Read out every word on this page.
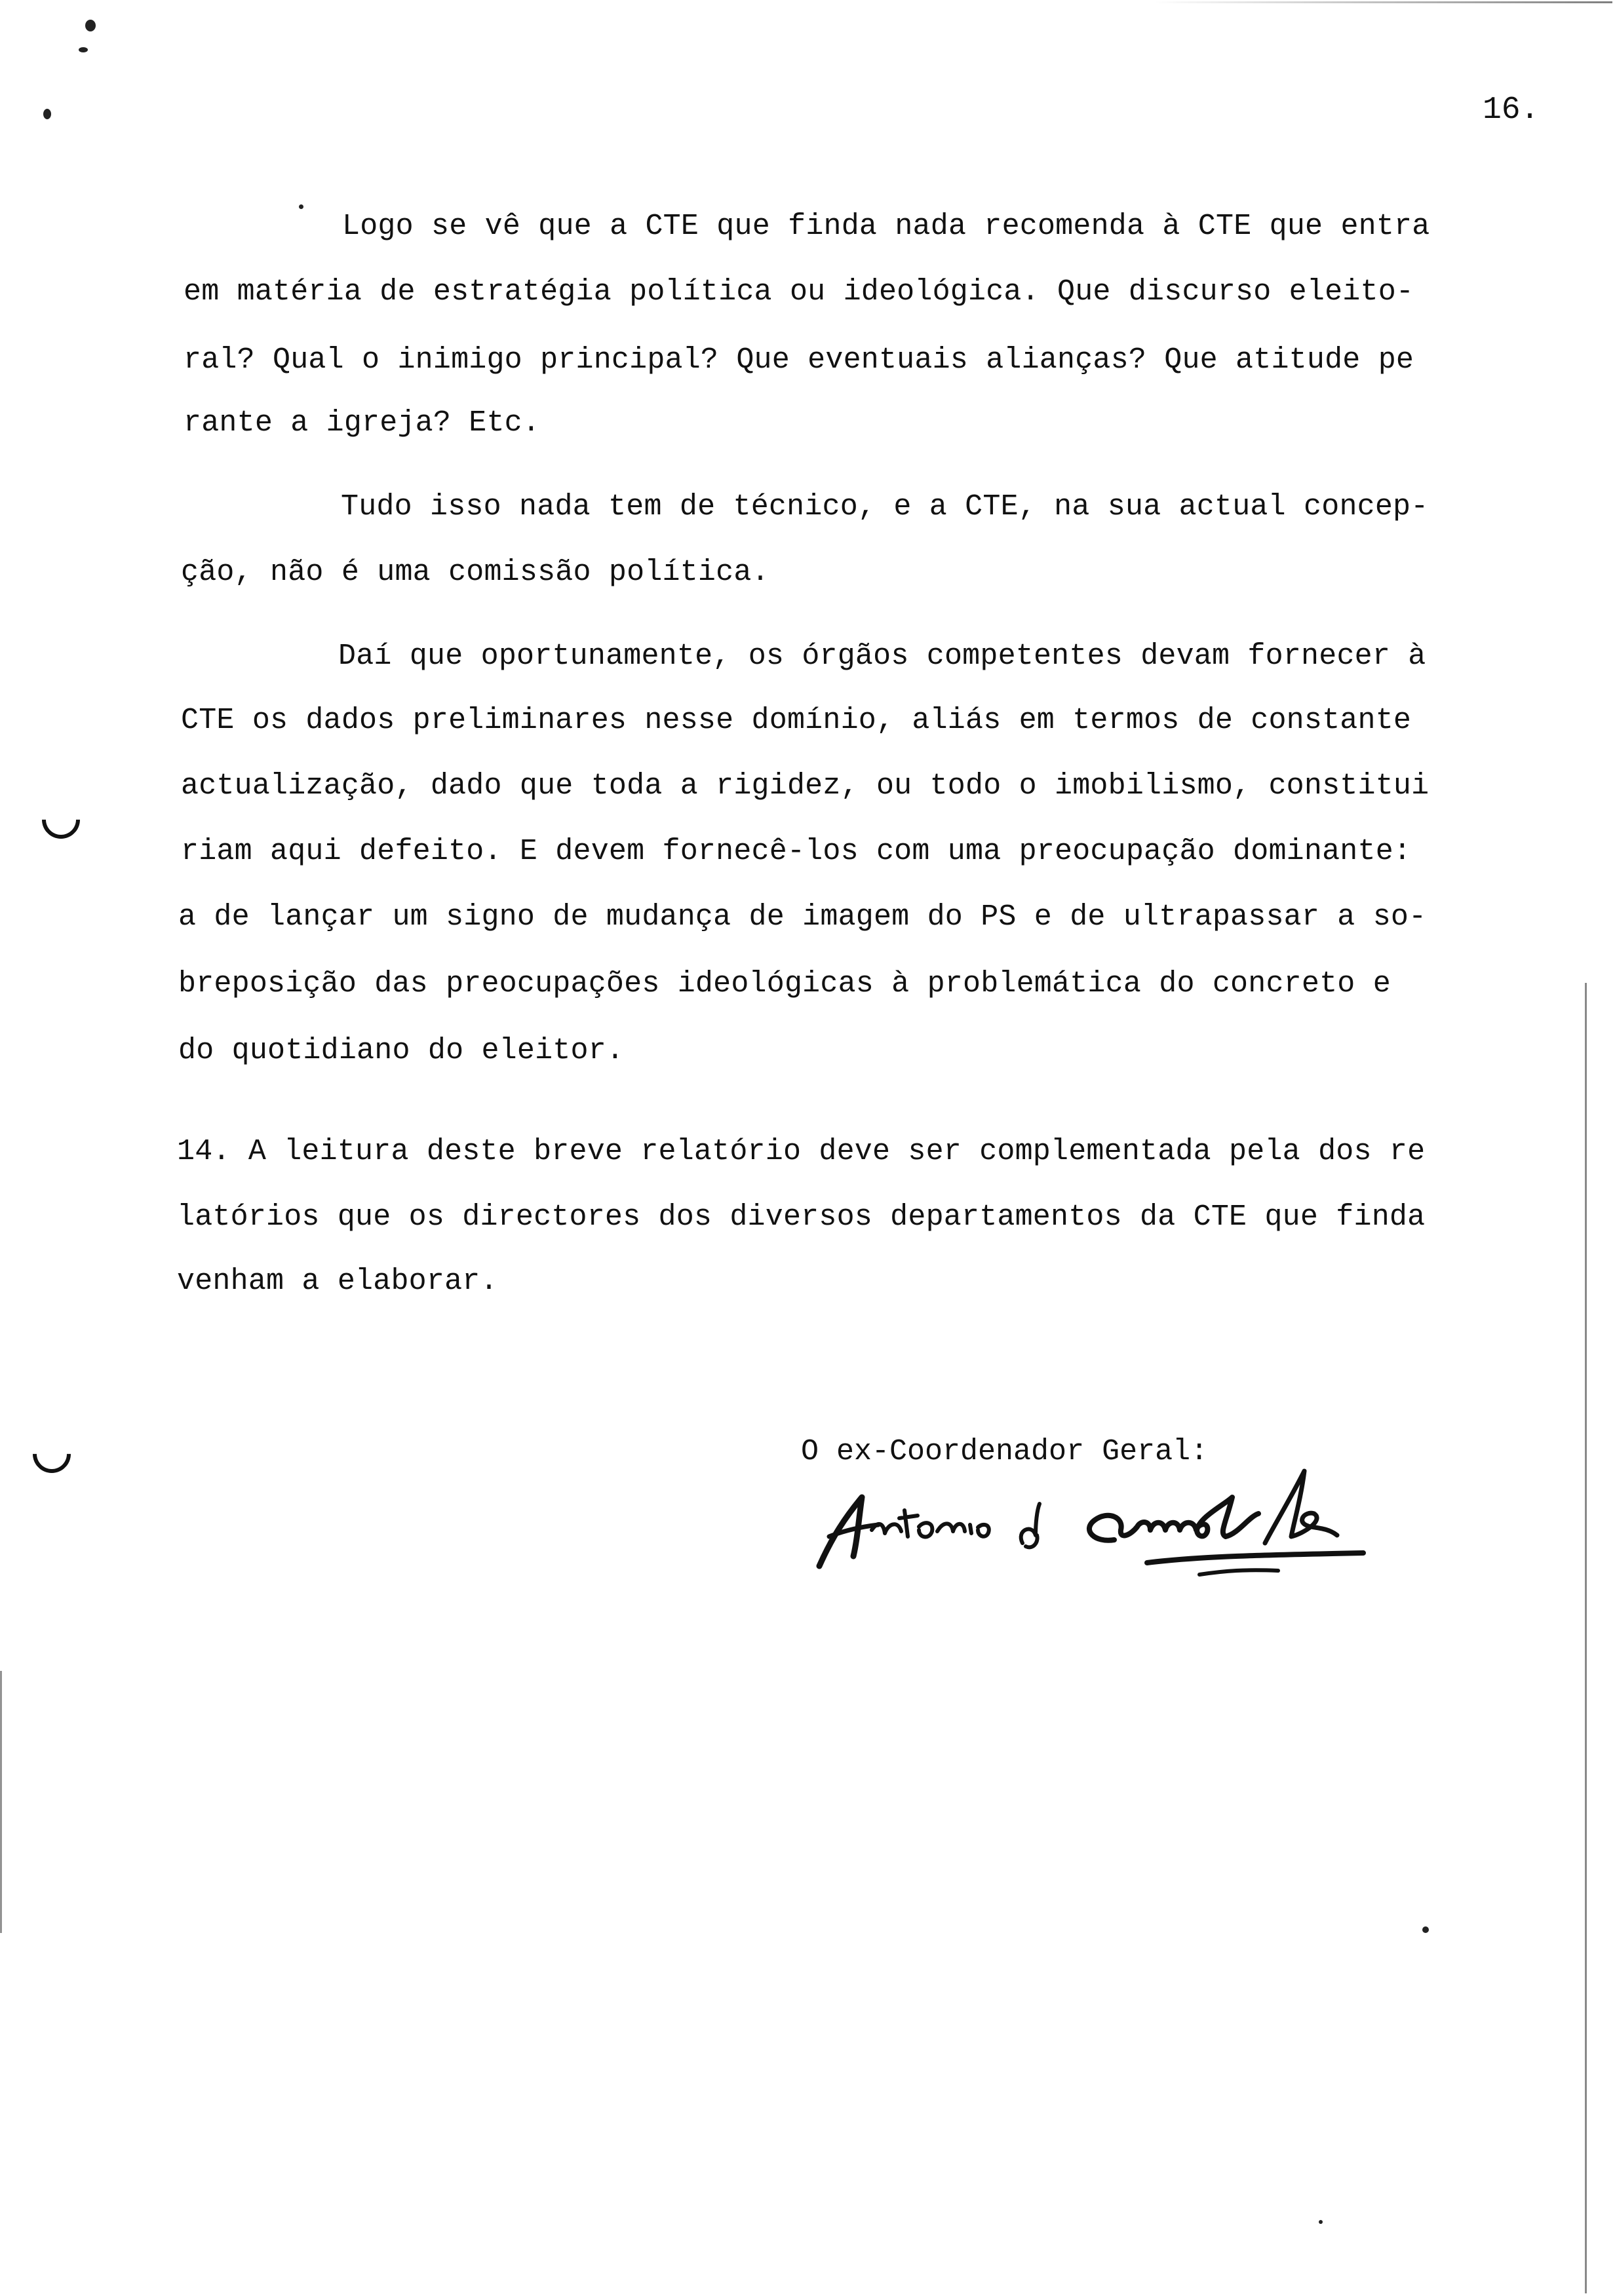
16.
Logo se vê que a CTE que finda nada recomenda à CTE que entra
em matéria de estratégia política ou ideológica. Que discurso eleito-
ral? Qual o inimigo principal? Que eventuais alianças? Que atitude pe
rante a igreja? Etc.
Tudo isso nada tem de técnico, e a CTE, na sua actual concep-
ção, não é uma comissão política.
Daí que oportunamente, os órgãos competentes devam fornecer à
CTE os dados preliminares nesse domínio, aliás em termos de constante
actualização, dado que toda a rigidez, ou todo o imobilismo, constitui
riam aqui defeito. E devem fornecê-los com uma preocupação dominante:
a de lançar um signo de mudança de imagem do PS e de ultrapassar a so-
breposição das preocupações ideológicas à problemática do concreto e
do quotidiano do eleitor.
14. A leitura deste breve relatório deve ser complementada pela dos re
latórios que os directores dos diversos departamentos da CTE que finda
venham a elaborar.
O ex-Coordenador Geral:
